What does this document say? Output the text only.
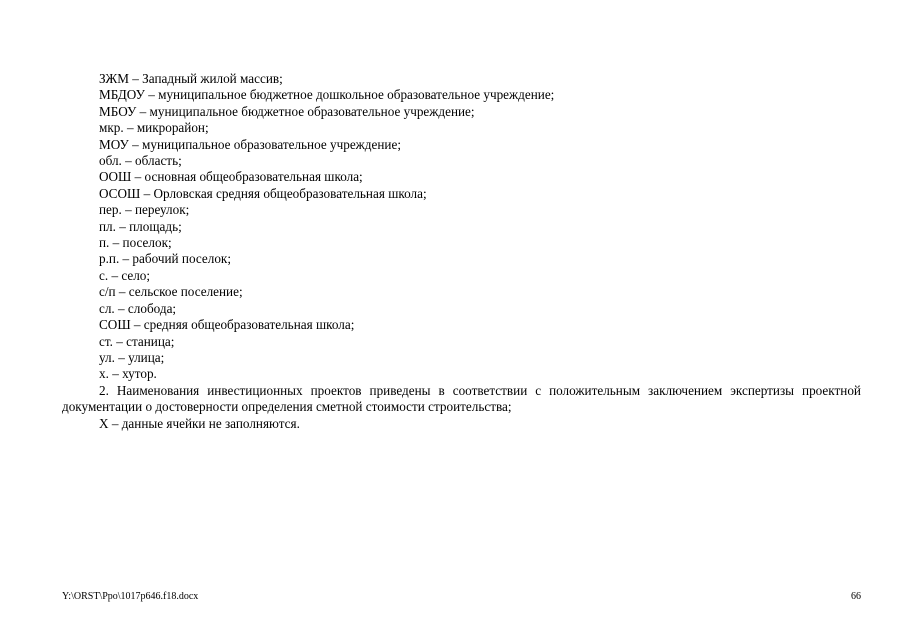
ЗЖМ – Западный жилой массив;

МБДОУ – муниципальное бюджетное дошкольное образовательное учреждение;

МБОУ – муниципальное бюджетное образовательное учреждение;

мкр. – микрорайон;

МОУ – муниципальное образовательное учреждение;

обл. – область;

ООШ – основная общеобразовательная школа;

ОСОШ – Орловская средняя общеобразовательная школа;

пер. – переулок;

пл. – площадь;

п. – поселок;

р.п. – рабочий поселок;

с. – село;

с/п – сельское поселение;

сл. – слобода;

СОШ – средняя общеобразовательная школа;

ст. – станица;

ул. – улица;

х. – хутор.

2. Наименования инвестиционных проектов приведены в соответствии с положительным заключением экспертизы проектной документации о достоверности определения сметной стоимости строительства;

Х – данные ячейки не заполняются.

Y:\ORST\Ppo\1017p646.f18.docx	66
